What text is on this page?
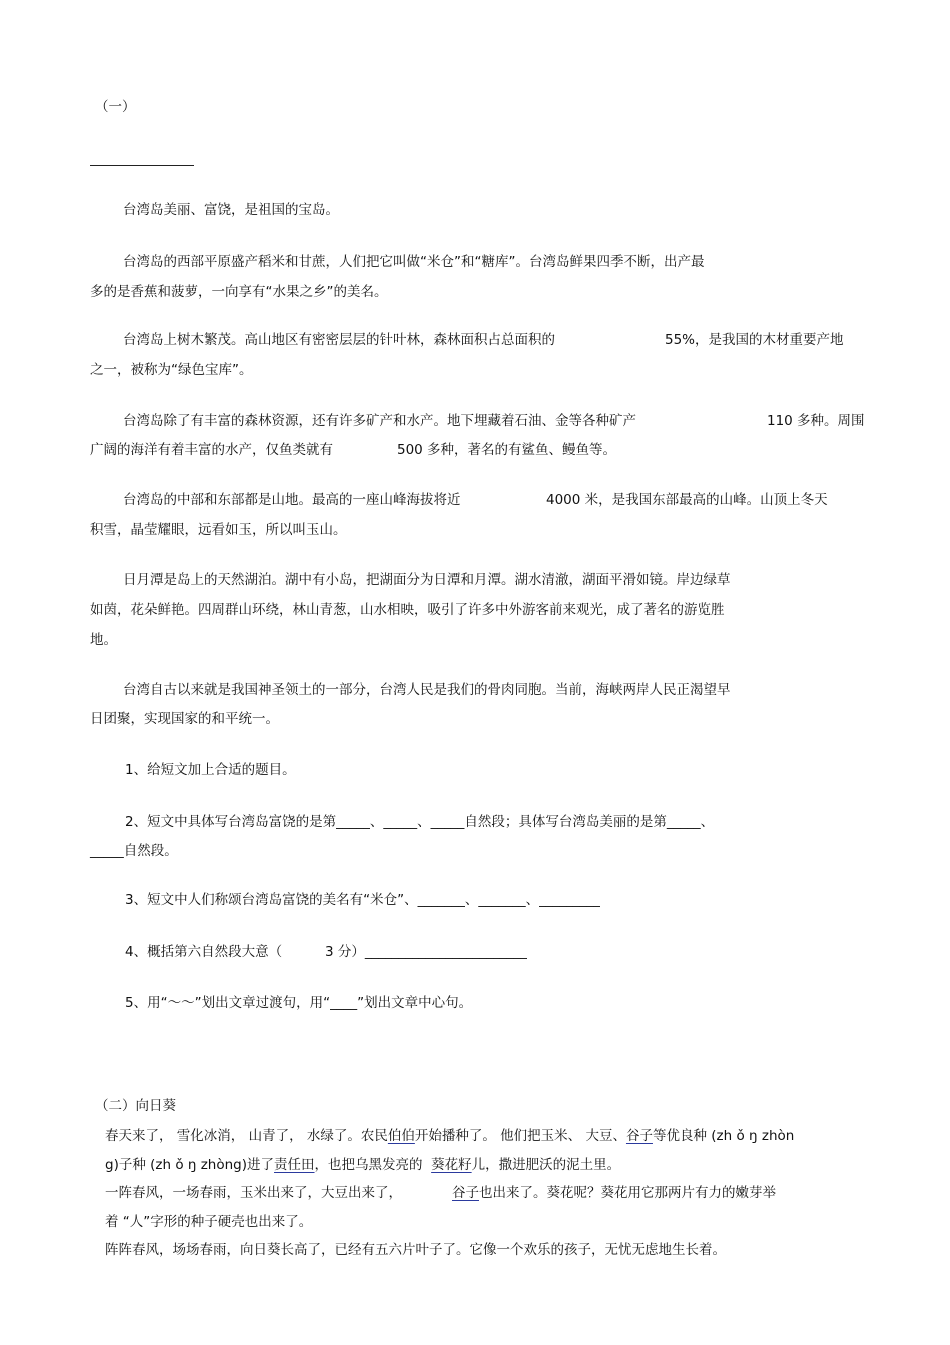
（一）
台湾岛美丽、富饶，是祖国的宝岛。
台湾岛的西部平原盛产稻米和甘蔗，人们把它叫做“米仓”和“糖库”。台湾岛鲜果四季不断，出产最
多的是香蕉和菠萝，一向享有“水果之乡”的美名。
台湾岛上树木繁茂。高山地区有密密层层的针叶林，森林面积占总面积的	55%，是我国的木材重要产地
之一，被称为“绿色宝库”。
台湾岛除了有丰富的森林资源，还有许多矿产和水产。地下埋藏着石油、金等各种矿产	110 多种。周围
广阔的海洋有着丰富的水产，仅鱼类就有	500 多种，著名的有鲨鱼、鳗鱼等。
台湾岛的中部和东部都是山地。最高的一座山峰海拔将近	4000 米，是我国东部最高的山峰。山顶上冬天
积雪，晶莹耀眼，远看如玉，所以叫玉山。
日月潭是岛上的天然湖泊。湖中有小岛，把湖面分为日潭和月潭。湖水清澈，湖面平滑如镜。岸边绿草
如茵，花朵鲜艳。四周群山环绕，林山青葱，山水相映，吸引了许多中外游客前来观光，成了著名的游览胜
地。
台湾自古以来就是我国神圣领土的一部分，台湾人民是我们的骨肉同胞。当前，海峡两岸人民正渴望早
日团聚，实现国家的和平统一。
1、给短文加上合适的题目。
2、短文中具体写台湾岛富饶的是第_____、_____、_____自然段；具体写台湾岛美丽的是第_____、
_____自然段。
3、短文中人们称颂台湾岛富饶的美名有“米仓”、_______、_______、_________
4、概括第六自然段大意（	3 分）________________________
5、用“～～”划出文章过渡句，用“____”划出文章中心句。
（二）向日葵
春天来了， 雪化冰消， 山青了， 水绿了。农民伯伯开始播种了。 他们把玉米、 大豆、谷子等优良种 (zh ǒ ŋ zhòn
g)子种 (zh ǒ ŋ zhòng)进了责任田，也把乌黑发亮的 葵花籽儿，撒进肥沃的泥土里。
一阵春风，一场春雨，玉米出来了，大豆出来了，	谷子也出来了。葵花呢？葵花用它那两片有力的嫩芽举
着 “人”字形的种子硬壳也出来了。
阵阵春风，场场春雨，向日葵长高了，已经有五六片叶子了。它像一个欢乐的孩子，无忧无虑地生长着。
